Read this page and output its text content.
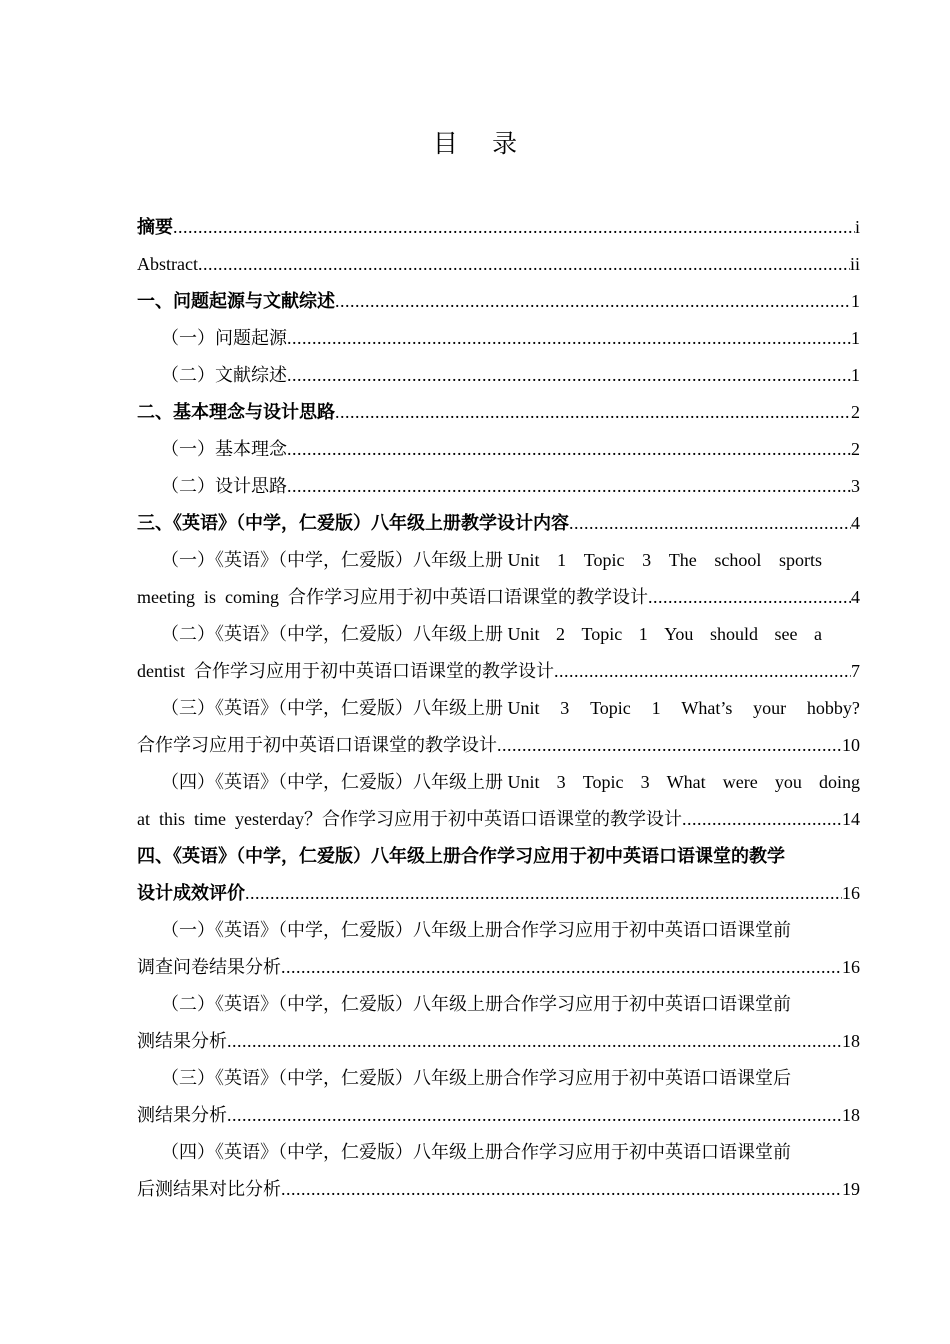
目 录
摘要 .....	i
Abstract .....	ii
一、问题起源与文献综述 .....	1
（一）问题起源 .....	1
（二）文献综述 .....	1
二、基本理念与设计思路 .....	2
（一）基本理念 .....	2
（二）设计思路 .....	3
三、《英语》（中学，仁爱版）八年级上册教学设计内容 .....	4
（一）《英语》（中学，仁爱版）八年级上册 Unit 1 Topic 3 The school sports
meeting  is  coming  合作学习应用于初中英语口语课堂的教学设计 .....	4
（二）《英语》（中学，仁爱版）八年级上册 Unit 2 Topic 1 You should see a
dentist  合作学习应用于初中英语口语课堂的教学设计 .....	7
（三）《英语》（中学，仁爱版）八年级上册 Unit 3 Topic 1 What’s your hobby?
合作学习应用于初中英语口语课堂的教学设计 .....	10
（四）《英语》（中学，仁爱版）八年级上册 Unit 3 Topic 3 What were you doing
at  this  time  yesterday？合作学习应用于初中英语口语课堂的教学设计 .....	14
四、《英语》（中学，仁爱版）八年级上册合作学习应用于初中英语口语课堂的教学
设计成效评价 .....	16
（一）《英语》（中学，仁爱版）八年级上册合作学习应用于初中英语口语课堂前
调查问卷结果分析 .....	16
（二）《英语》（中学，仁爱版）八年级上册合作学习应用于初中英语口语课堂前
测结果分析 .....	18
（三）《英语》（中学，仁爱版）八年级上册合作学习应用于初中英语口语课堂后
测结果分析 .....	18
（四）《英语》（中学，仁爱版）八年级上册合作学习应用于初中英语口语课堂前
后测结果对比分析 .....	19
